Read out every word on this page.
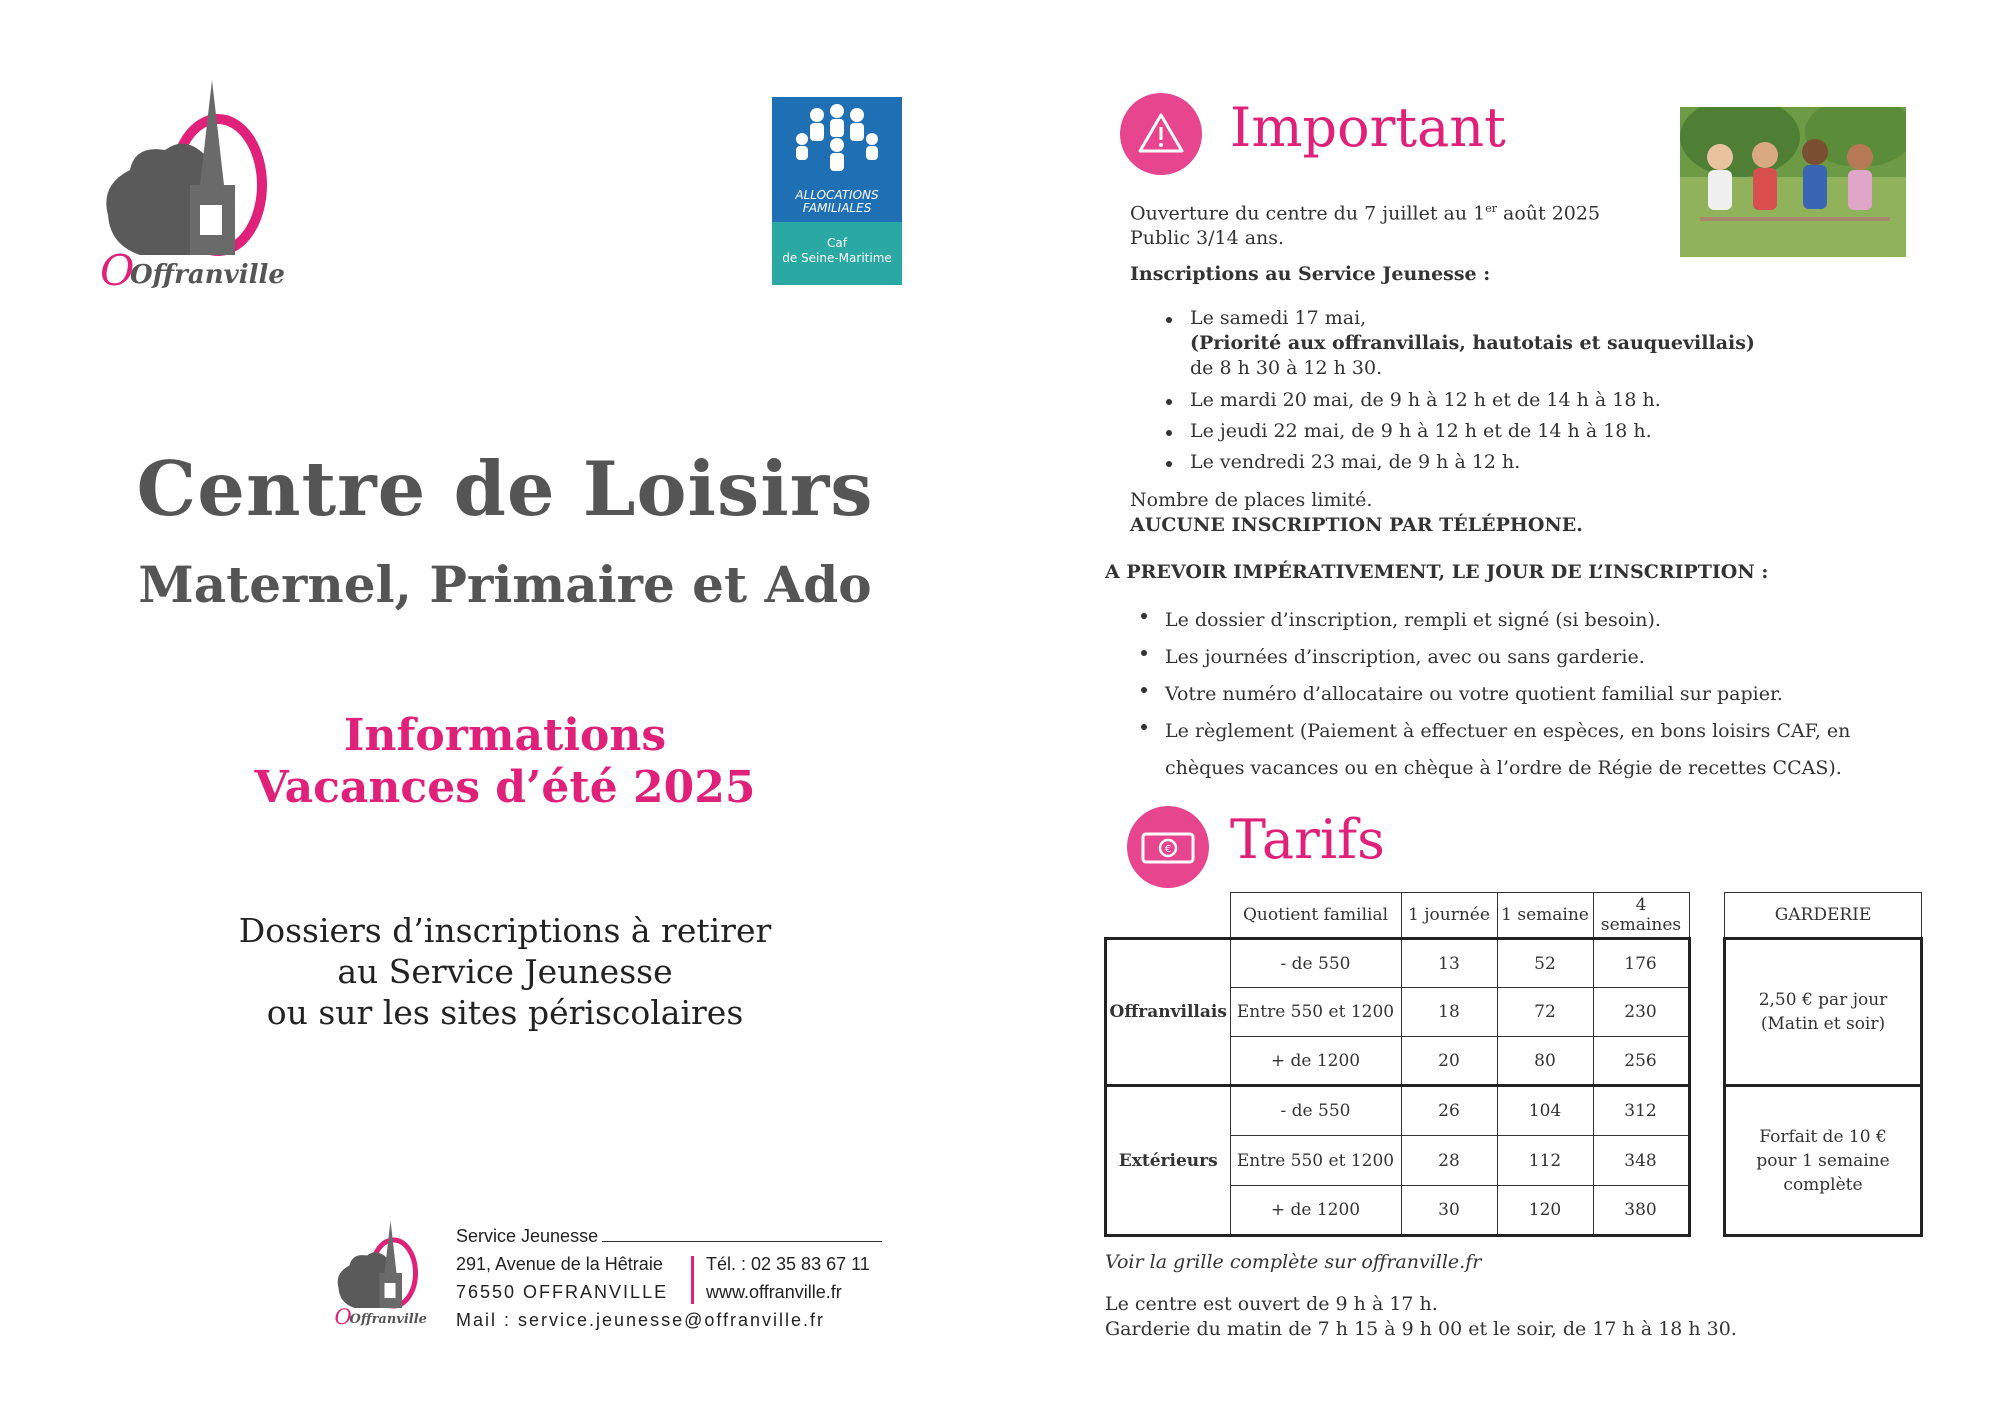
O
Offranville
ALLOCATIONS
FAMILIALES
Caf
de Seine-Maritime
Centre de Loisirs
Maternel, Primaire et Ado
Informations
Vacances d’été 2025
Dossiers d’inscriptions à retirer
au Service Jeunesse
ou sur les sites périscolaires
O
Offranville
Service Jeunesse
291, Avenue de la Hêtraie
76550 OFFRANVILLE
Tél. : 02 35 83 67 11
www.offranville.fr
Mail : service.jeunesse@offranville.fr
Important
Ouverture du centre du 7 juillet au 1er août 2025
Public 3/14 ans.
Inscriptions au Service Jeunesse :
Le samedi 17 mai,
(Priorité aux offranvillais, hautotais et sauquevillais)
de 8 h 30 à 12 h 30.
Le mardi 20 mai, de 9 h à 12 h et de 14 h à 18 h.
Le jeudi 22 mai, de 9 h à 12 h et de 14 h à 18 h.
Le vendredi 23 mai, de 9 h à 12 h.
Nombre de places limité.
AUCUNE INSCRIPTION PAR TÉLÉPHONE.
A PREVOIR IMPÉRATIVEMENT, LE JOUR DE L’INSCRIPTION :
Le dossier d’inscription, rempli et signé (si besoin).
Les journées d’inscription, avec ou sans garderie.
Votre numéro d’allocataire ou votre quotient familial sur papier.
Le règlement (Paiement à effectuer en espèces, en bons loisirs CAF, en chèques vacances ou en chèque à l’ordre de Régie de recettes CCAS).
€ Tarifs
	Quotient familial	1 journée	1 semaine	4 semaines
Offranvillais	- de 550	13	52	176
	Entre 550 et 1200	18	72	230
	+ de 1200	20	80	256
Extérieurs	- de 550	26	104	312
	Entre 550 et 1200	28	112	348
	+ de 1200	30	120	380
GARDERIE

2,50 € par jour
(Matin et soir)

Forfait de 10 €
pour 1 semaine
complète
Voir la grille complète sur offranville.fr
Le centre est ouvert de 9 h à 17 h.
Garderie du matin de 7 h 15 à 9 h 00 et le soir, de 17 h à 18 h 30.
